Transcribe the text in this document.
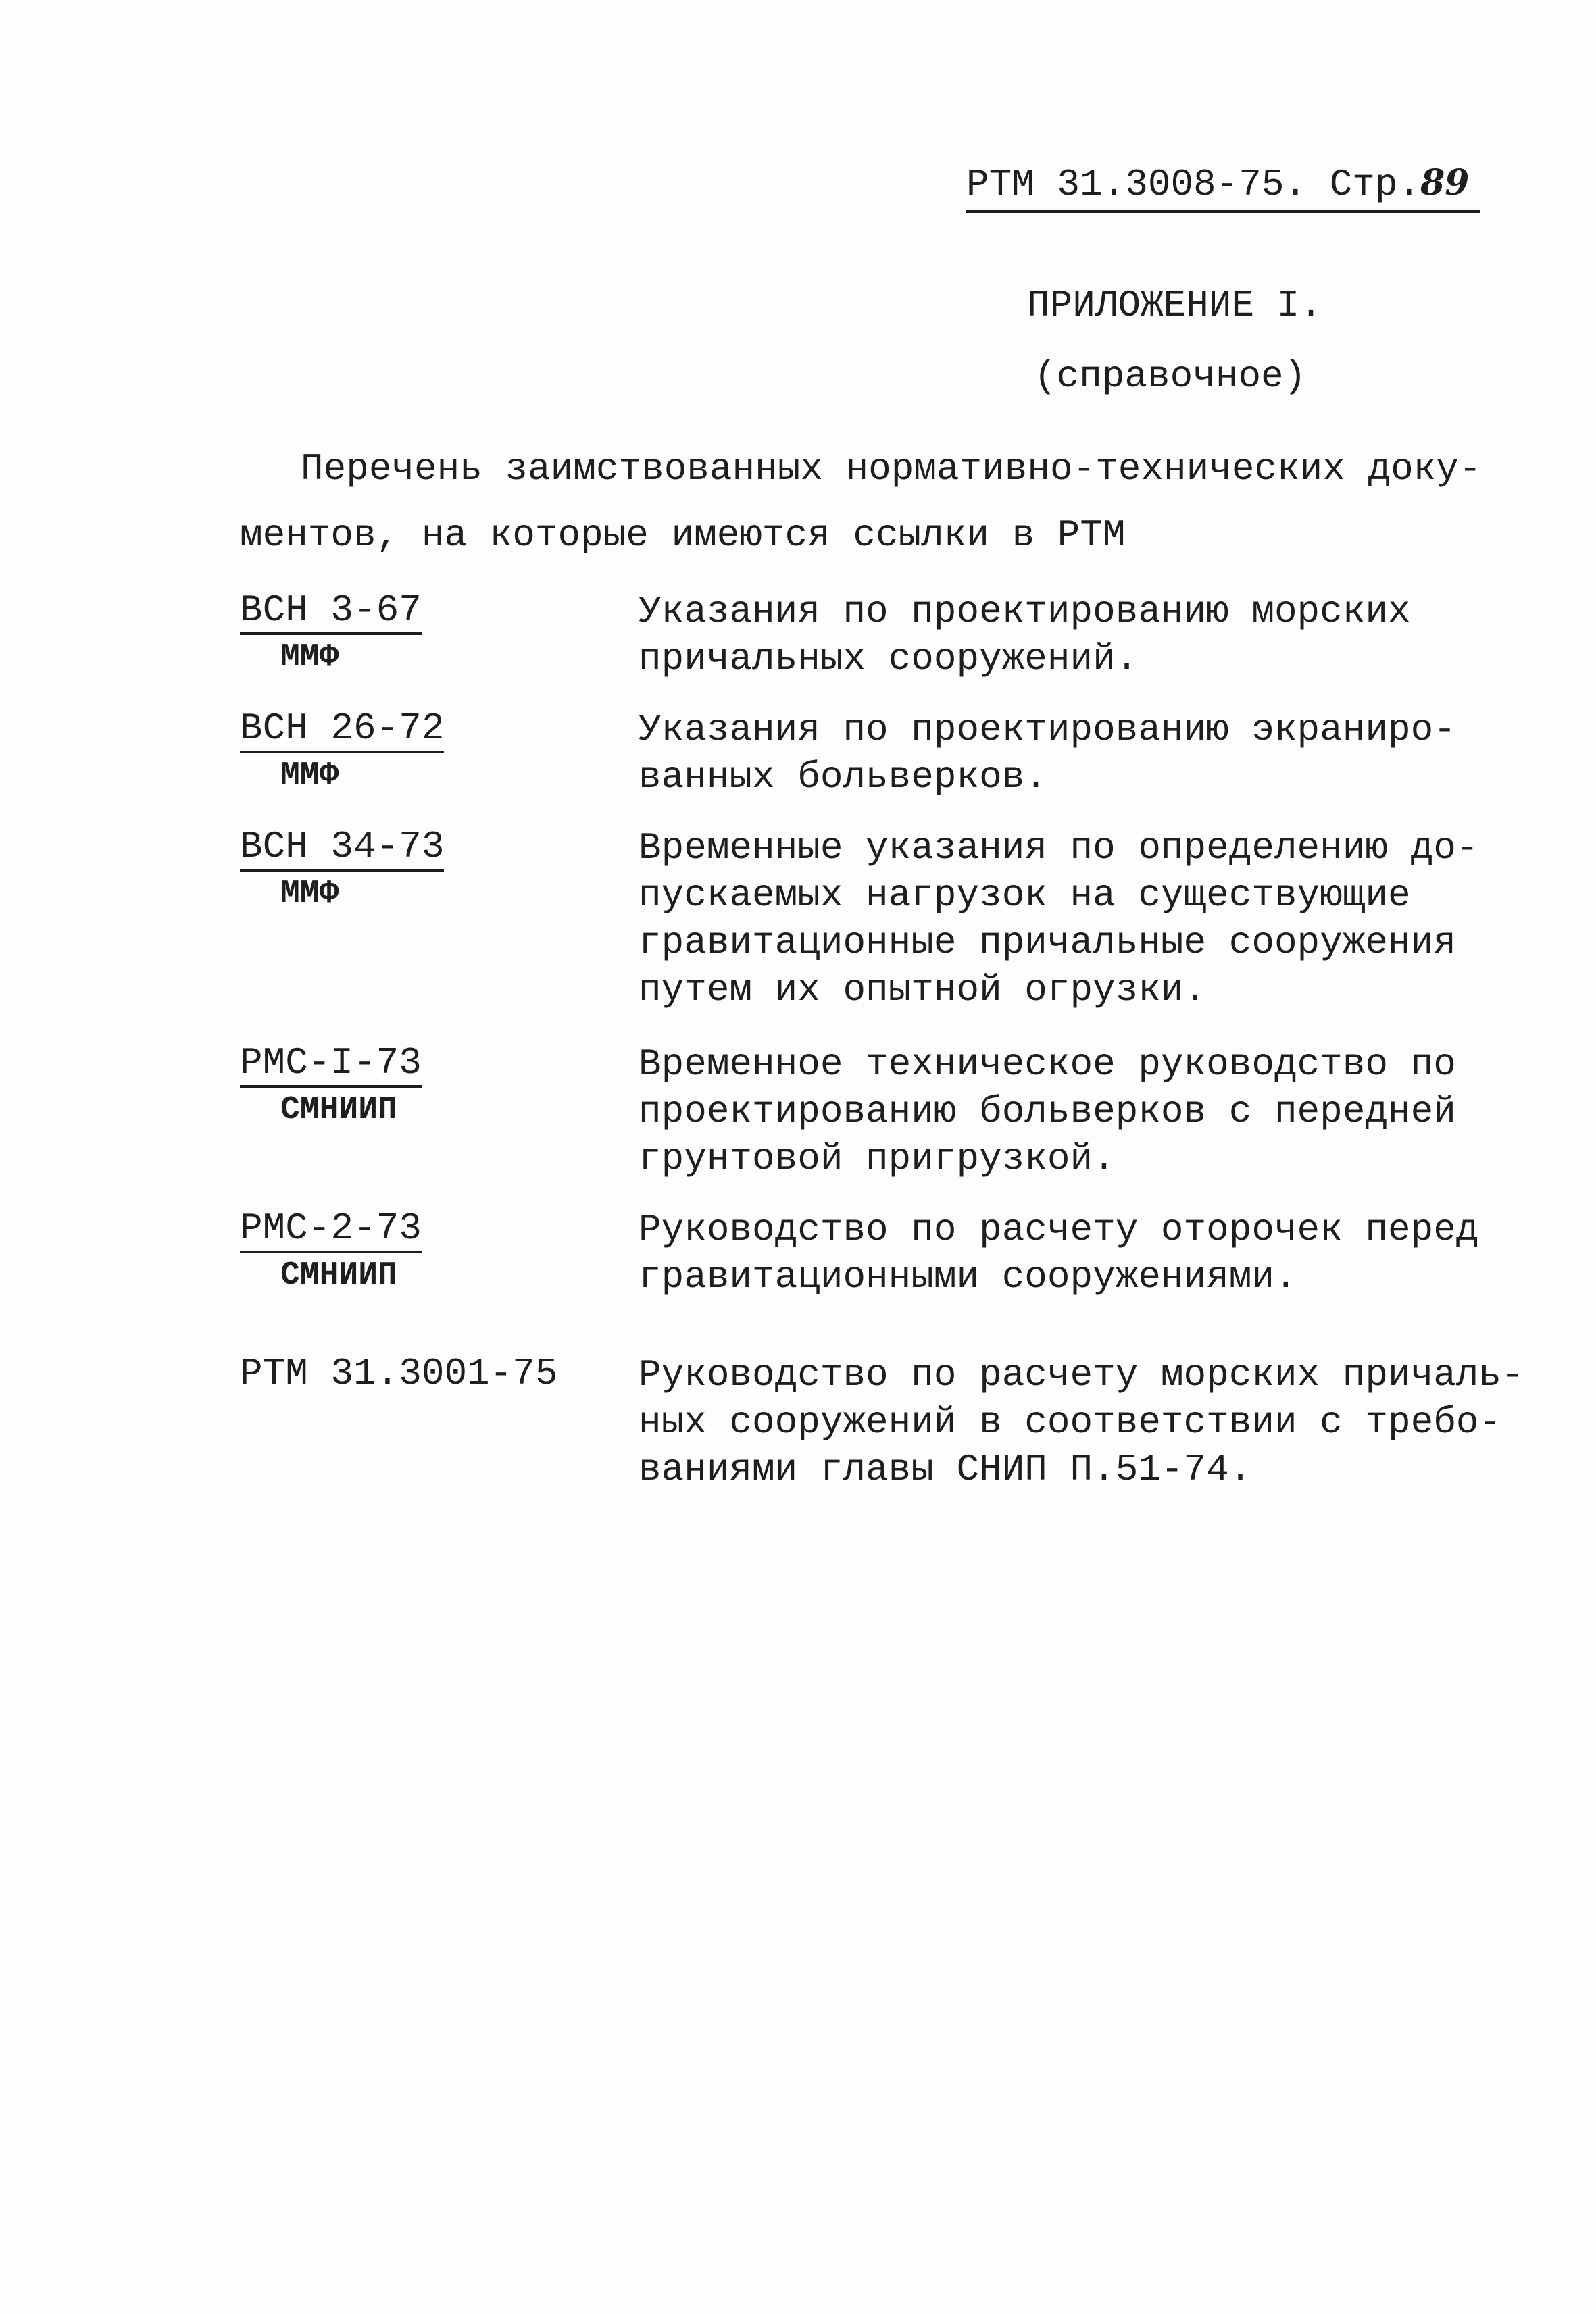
РТМ 31.3008-75. Стр.89
ПРИЛОЖЕНИЕ I.
(справочное)
Перечень заимствованных нормативно-технических доку-
ментов, на которые имеются ссылки в РТМ
ВСН 3-67
ММФ
Указания по проектированию морских
причальных сооружений.
ВСН 26-72
ММФ
Указания по проектированию экраниро-
ванных больверков.
ВСН 34-73
ММФ
Временные указания по определению до-
пускаемых нагрузок на существующие
гравитационные причальные сооружения
путем их опытной огрузки.
РМС-I-73
СМНИИП
Временное техническое руководство по
проектированию больверков с передней
грунтовой пригрузкой.
РМС-2-73
СМНИИП
Руководство по расчету оторочек перед
гравитационными сооружениями.
РТМ 31.3001-75	Руководство по расчету морских причаль-
ных сооружений в соответствии с требо-
ваниями главы СНИП П.51-74.
